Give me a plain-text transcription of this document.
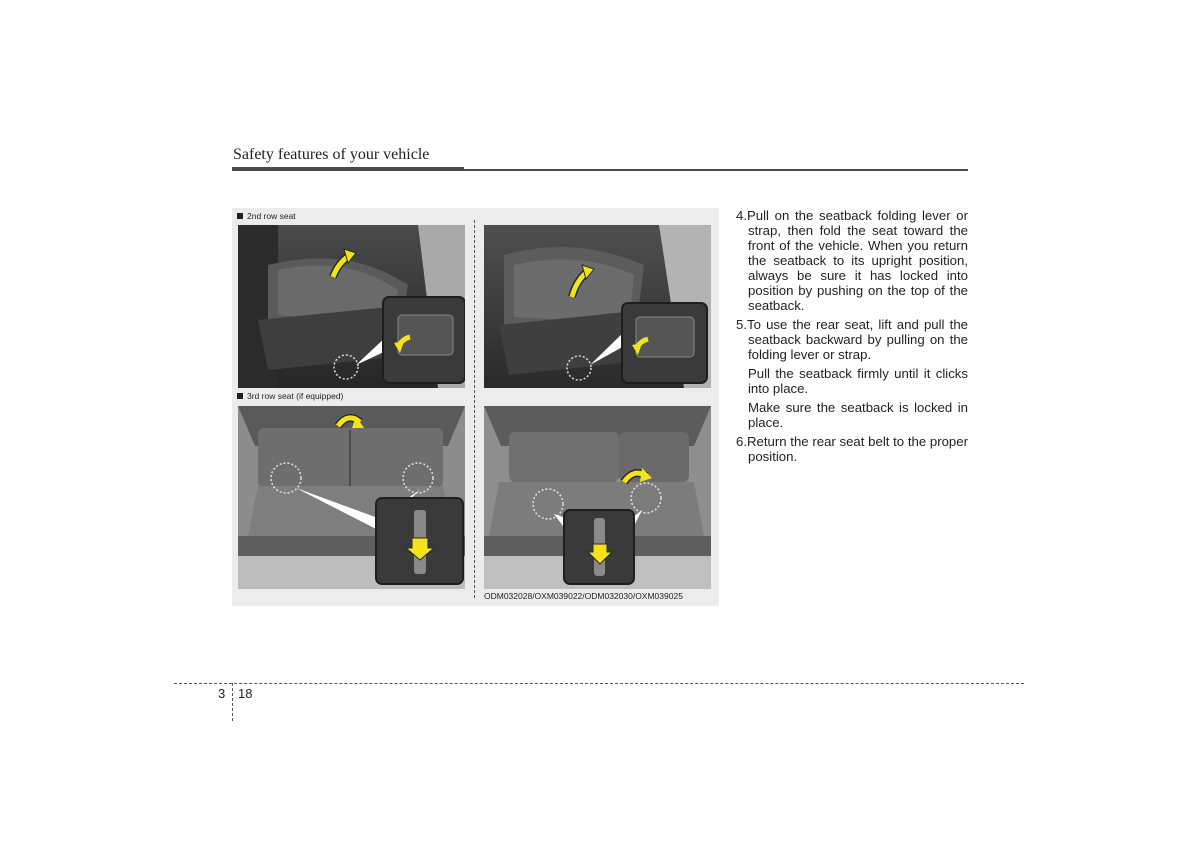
Safety features of your vehicle
2nd row seat
3rd row seat (if equipped)
ODM032028/OXM039022/ODM032030/OXM039025
4.Pull on the seatback folding lever or strap, then fold the seat toward the front of the vehicle. When you return the seatback to its upright position, always be sure it has locked into position by pushing on the top of the seatback.
5.To use the rear seat, lift and pull the seatback backward by pulling on the folding lever or strap.
Pull the seatback firmly until it clicks into place.
Make sure the seatback is locked in place.
6.Return the rear seat belt to the proper position.
3 18
